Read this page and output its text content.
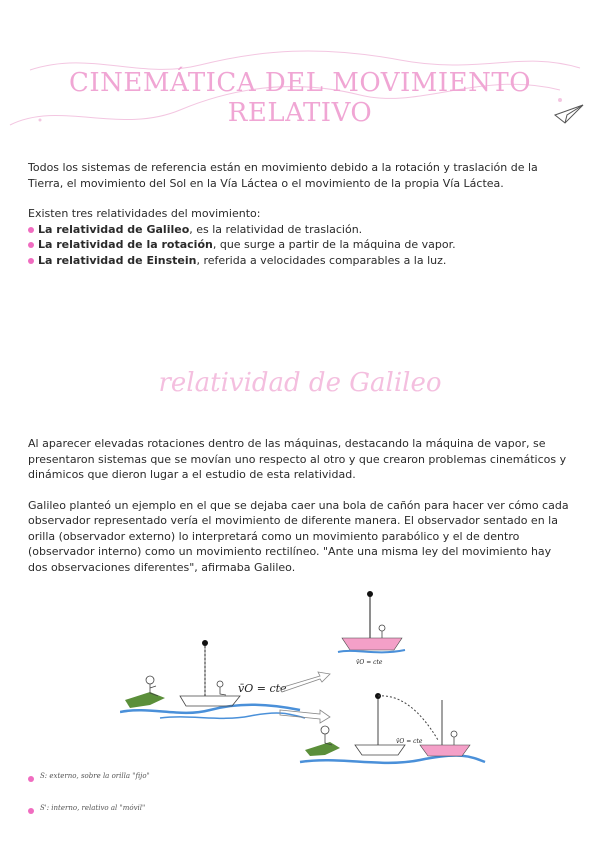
CINEMÁTICA DEL MOVIMIENTO RELATIVO

Todos los sistemas de referencia están en movimiento debido a la rotación y traslación de la Tierra, el movimiento del Sol en la Vía Láctea o el movimiento de la propia Vía Láctea.

Existen tres relatividades del movimiento:

La relatividad de Galileo, es la relatividad de traslación.
La relatividad de la rotación, que surge a partir de la máquina de vapor.
La relatividad de Einstein, referida a velocidades comparables a la luz.
relatividad de Galileo

Al aparecer elevadas rotaciones dentro de las máquinas, destacando la máquina de vapor, se presentaron sistemas que se movían uno respecto al otro y que crearon problemas cinemáticos y dinámicos que dieron lugar a el estudio de esta relatividad.

Galileo planteó un ejemplo en el que se dejaba caer una bola de cañón para hacer ver cómo cada observador representado vería el movimiento de diferente manera. El observador sentado en la orilla (observador externo) lo interpretará como un movimiento parabólico y el de dentro (observador interno) como un movimiento rectilíneo. "Ante una misma ley del movimiento hay dos observaciones diferentes", afirmaba Galileo.

v̄O = cte
v̄O = cte
v̄O = cte
S: externo, sobre la orilla "fijo"
S': interno, relativo al "móvil"
